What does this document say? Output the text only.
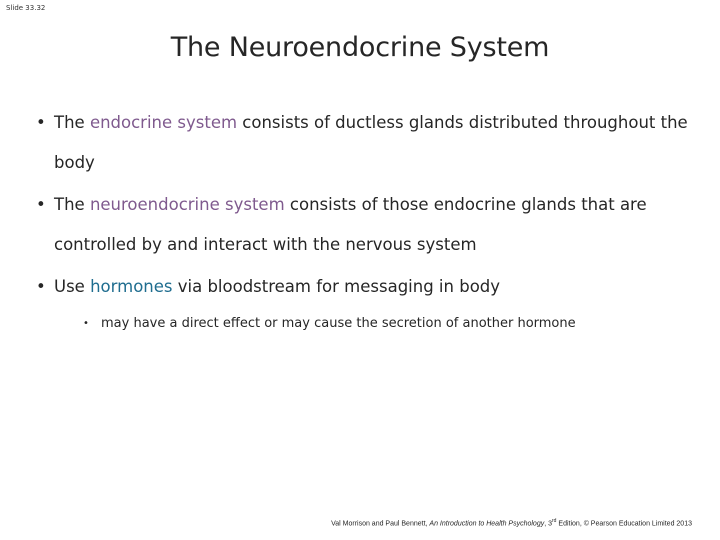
Slide 33.32
The Neuroendocrine System
• The endocrine system consists of ductless glands distributed throughout the body
• The neuroendocrine system consists of those endocrine glands that are controlled by and interact with the nervous system
• Use hormones via bloodstream for messaging in body
• may have a direct effect or may cause the secretion of another hormone
Val Morrison and Paul Bennett, An Introduction to Health Psychology, 3rd Edition, © Pearson Education Limited 2013
